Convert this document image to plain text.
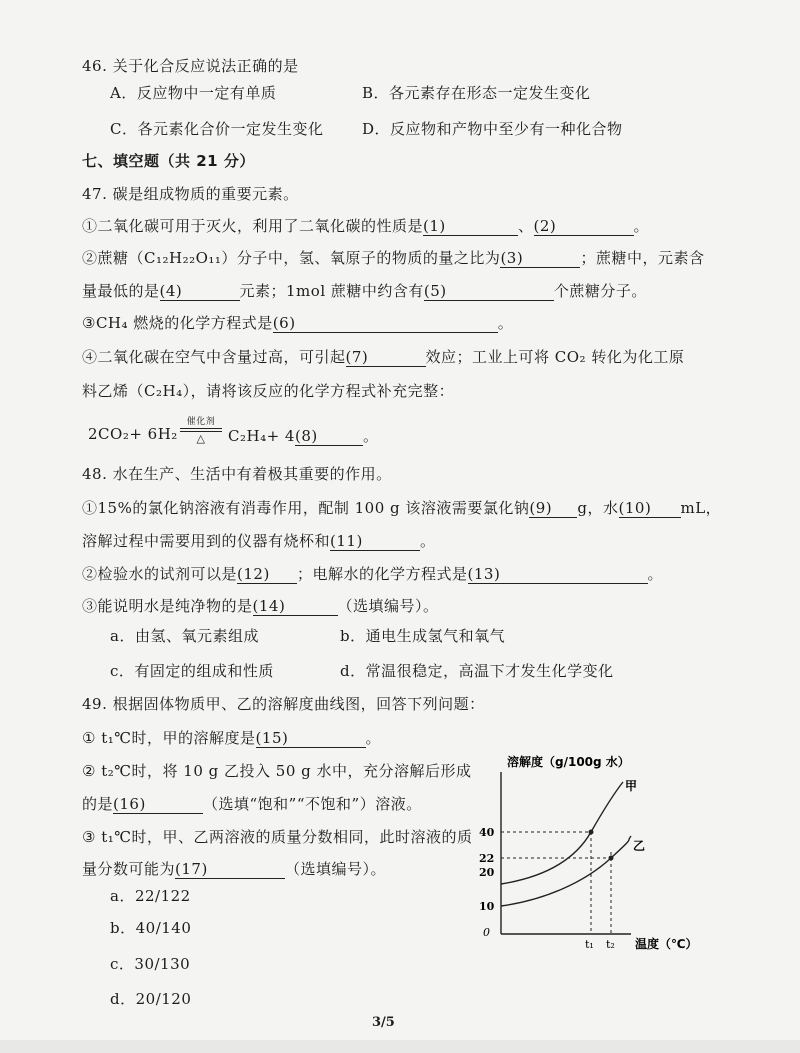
46. 关于化合反应说法正确的是
A．反应物中一定有单质	B．各元素存在形态一定发生变化
C．各元素化合价一定发生变化	D．反应物和产物中至少有一种化合物
七、填空题（共 21 分）
47. 碳是组成物质的重要元素。
①二氧化碳可用于灭火，利用了二氧化碳的性质是(1)	、(2)	。
②蔗糖（C₁₂H₂₂O₁₁）分子中，氢、氧原子的物质的量之比为(3)	；蔗糖中，元素含
量最低的是(4)	元素；1mol 蔗糖中约含有(5)	个蔗糖分子。
③CH₄ 燃烧的化学方程式是(6)	。
④二氧化碳在空气中含量过高，可引起(7)	效应；工业上可将 CO₂ 转化为化工原
料乙烯（C₂H₄），请将该反应的化学方程式补充完整：
2CO₂+ 6H₂
催化剂
△	C₂H₄+ 4(8)	。
48. 水在生产、生活中有着极其重要的作用。
①15%的氯化钠溶液有消毒作用，配制 100 g 该溶液需要氯化钠(9) g，水(10) mL，
溶解过程中需要用到的仪器有烧杯和(11)	。
②检验水的试剂可以是(12) ；电解水的化学方程式是(13)	。
③能说明水是纯净物的是(14)	（选填编号）。
a．由氢、氧元素组成	b．通电生成氢气和氧气
c．有固定的组成和性质	d．常温很稳定，高温下才发生化学变化
49. 根据固体物质甲、乙的溶解度曲线图，回答下列问题：
① t₁℃时，甲的溶解度是(15)	。
② t₂℃时，将 10 g 乙投入 50 g 水中，充分溶解后形成
的是(16)	（选填“饱和”“不饱和”）溶液。
③ t₁℃时，甲、乙两溶液的质量分数相同，此时溶液的质
量分数可能为(17)	（选填编号）。
a．22/122
b．40/140
c．30/130
d．20/120
溶解度（g/100g 水）
温度（℃）
甲
乙
40
22
20
10
0
t₁ t₂
3/5
